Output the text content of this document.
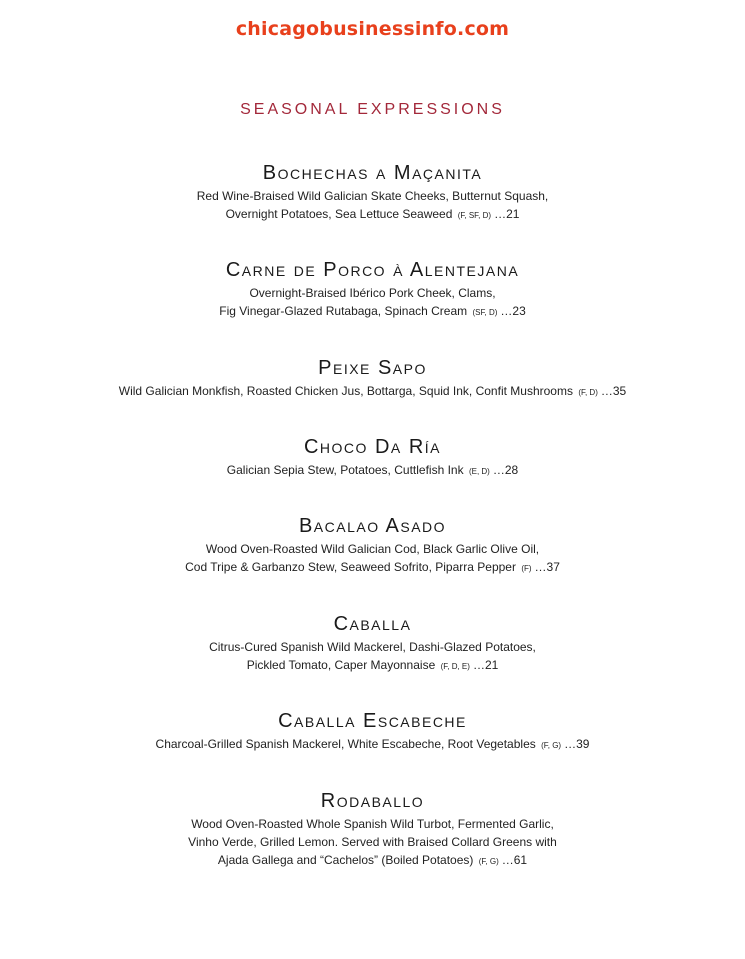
chicagobusinessinfo.com
SEASONAL EXPRESSIONS
Bochechas a Maçanita
Red Wine-Braised Wild Galician Skate Cheeks, Butternut Squash,
Overnight Potatoes, Sea Lettuce Seaweed (F, SF, D) …21
Carne de Porco à Alentejana
Overnight-Braised Ibérico Pork Cheek, Clams,
Fig Vinegar-Glazed Rutabaga, Spinach Cream (SF, D) …23
Peixe Sapo
Wild Galician Monkfish, Roasted Chicken Jus, Bottarga, Squid Ink, Confit Mushrooms (F, D) …35
Choco Da Ría
Galician Sepia Stew, Potatoes, Cuttlefish Ink (E, D) …28
Bacalao Asado
Wood Oven-Roasted Wild Galician Cod, Black Garlic Olive Oil,
Cod Tripe & Garbanzo Stew, Seaweed Sofrito, Piparra Pepper (F) …37
Caballa
Citrus-Cured Spanish Wild Mackerel, Dashi-Glazed Potatoes,
Pickled Tomato, Caper Mayonnaise (F, D, E) …21
Caballa Escabeche
Charcoal-Grilled Spanish Mackerel, White Escabeche, Root Vegetables (F, G) …39
Rodaballo
Wood Oven-Roasted Whole Spanish Wild Turbot, Fermented Garlic,
Vinho Verde, Grilled Lemon. Served with Braised Collard Greens with
Ajada Gallega and “Cachelos” (Boiled Potatoes) (F, G) …61
